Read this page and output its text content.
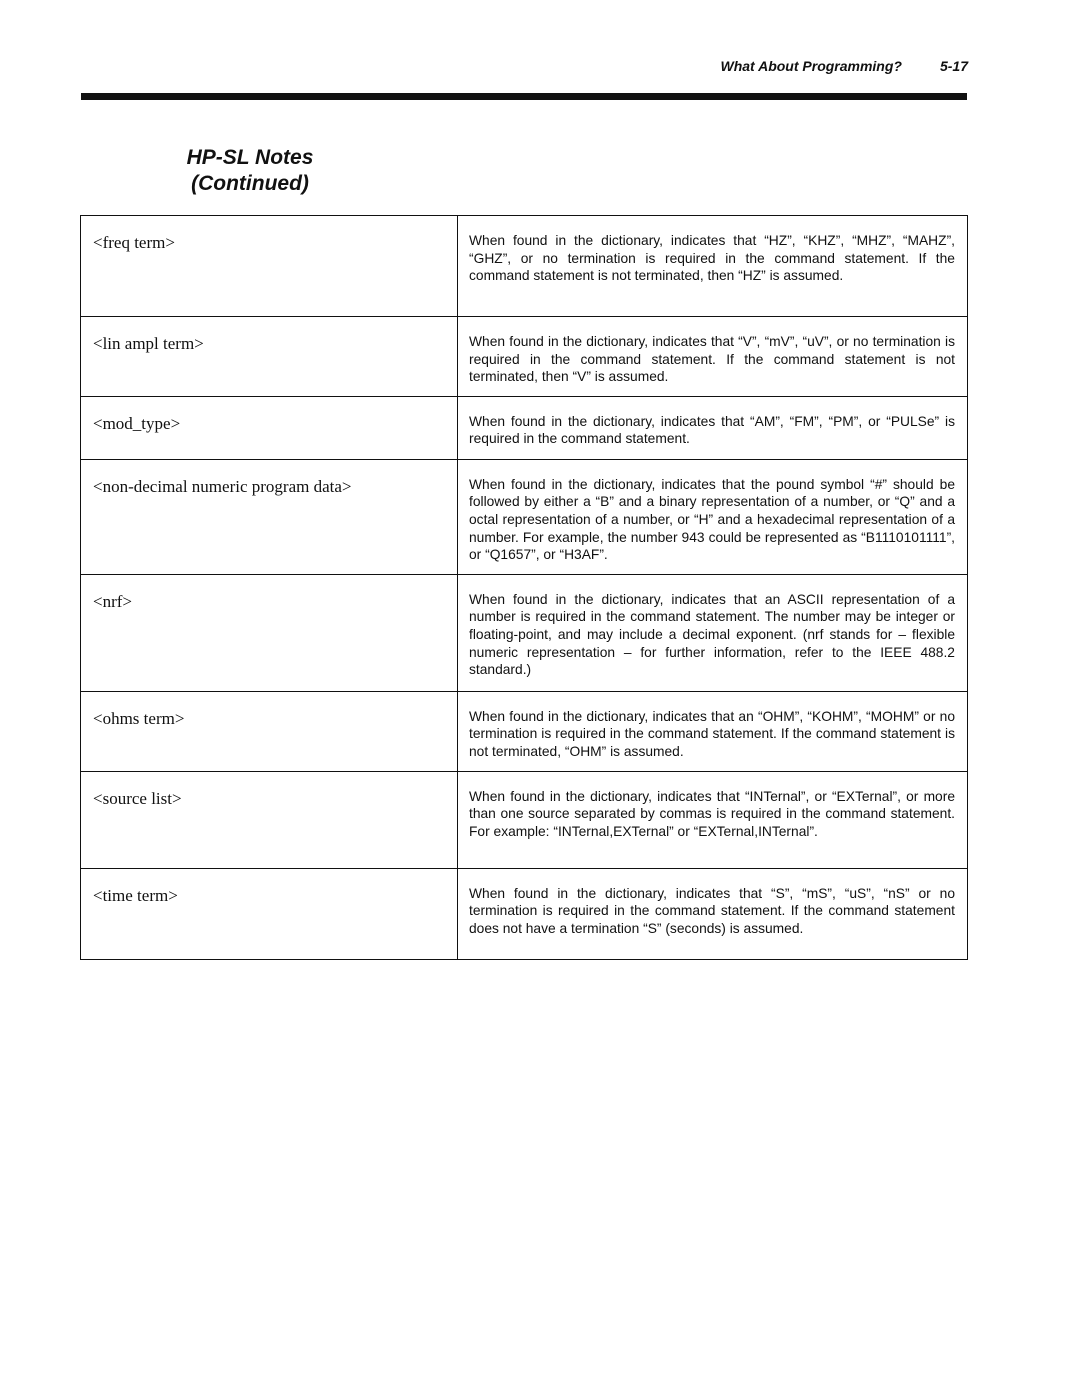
What About Programming?	5-17
HP-SL Notes
(Continued)
<freq term>	When found in the dictionary, indicates that “HZ”, “KHZ”, “MHZ”, “MAHZ”, “GHZ”, or no termination is required in the command statement. If the command statement is not terminated, then “HZ” is assumed.

<lin ampl term>	When found in the dictionary, indicates that “V”, “mV”, “uV”, or no termination is required in the command statement. If the command statement is not terminated, then “V” is assumed.

<mod_type>	When found in the dictionary, indicates that “AM”, “FM”, “PM”, or “PULSe” is required in the command statement.

<non-decimal numeric program data>	When found in the dictionary, indicates that the pound symbol “#” should be followed by either a “B” and a binary representation of a number, or “Q” and a octal representation of a number, or “H” and a hexadecimal representation of a number. For example, the number 943 could be represented as “B1110101111”, or “Q1657”, or “H3AF”.

<nrf>	When found in the dictionary, indicates that an ASCII representation of a number is required in the command statement. The number may be integer or floating-point, and may include a decimal exponent. (nrf stands for – flexible numeric representation – for further information, refer to the IEEE 488.2 standard.)

<ohms term>	When found in the dictionary, indicates that an “OHM”, “KOHM”, “MOHM” or no termination is required in the command statement. If the command statement is not terminated, “OHM” is assumed.

<source list>	When found in the dictionary, indicates that “INTernal”, or “EXTernal”, or more than one source separated by commas is required in the command statement. For example: “INTernal,EXTernal” or “EXTernal,INTernal”.

<time term>	When found in the dictionary, indicates that “S”, “mS”, “uS”, “nS” or no termination is required in the command statement. If the command statement does not have a termination “S” (seconds) is assumed.
